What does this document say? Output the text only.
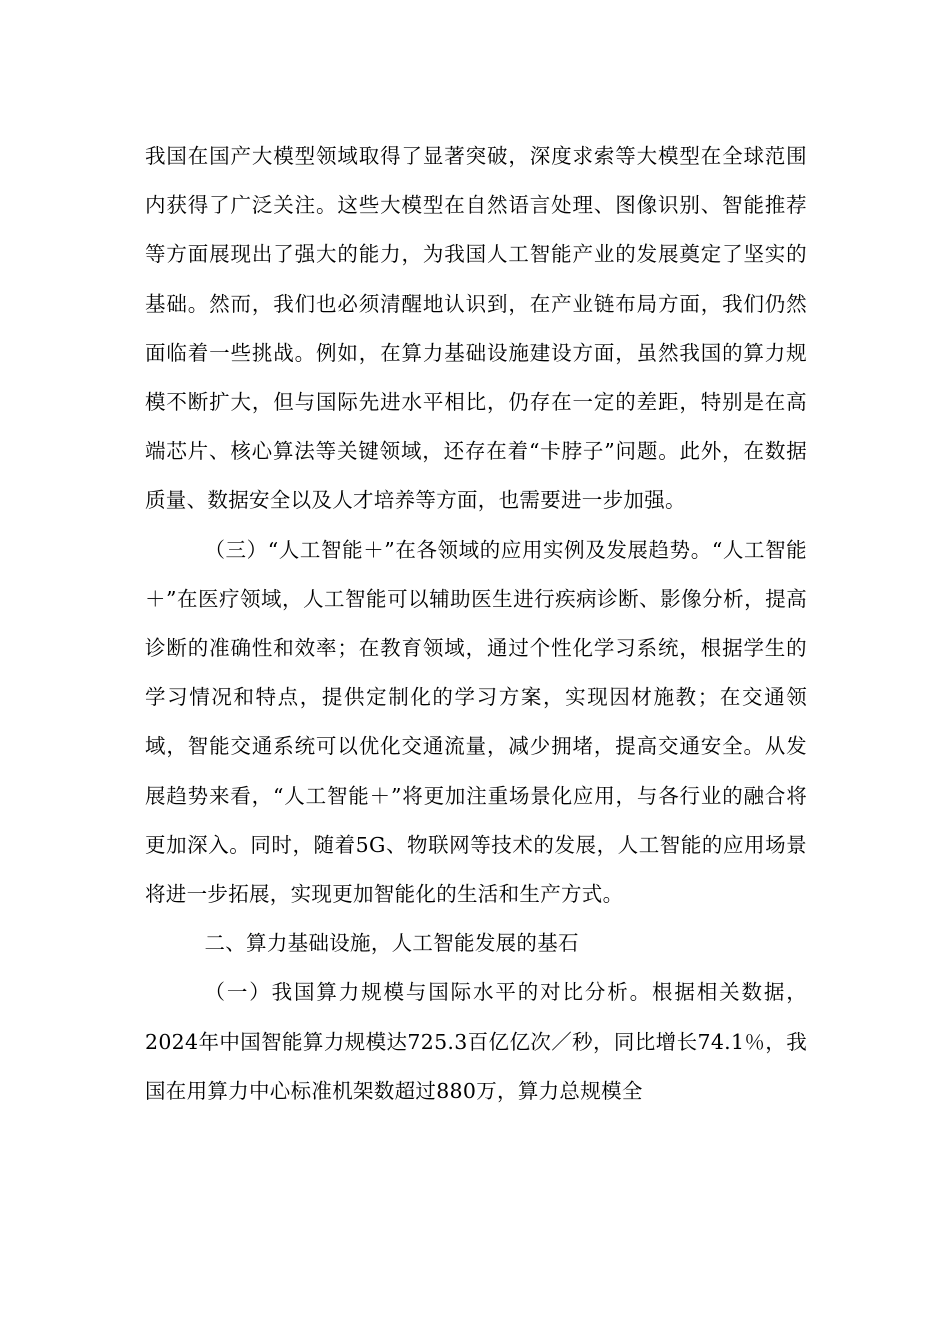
我国在国产大模型领域取得了显著突破，深度求索等大模型在全球范围内获得了广泛关注。这些大模型在自然语言处理、图像识别、智能推荐等方面展现出了强大的能力，为我国人工智能产业的发展奠定了坚实的基础。然而，我们也必须清醒地认识到，在产业链布局方面，我们仍然面临着一些挑战。例如，在算力基础设施建设方面，虽然我国的算力规模不断扩大，但与国际先进水平相比，仍存在一定的差距，特别是在高端芯片、核心算法等关键领域，还存在着“卡脖子”问题。此外，在数据质量、数据安全以及人才培养等方面，也需要进一步加强。

（三）“人工智能＋”在各领域的应用实例及发展趋势。“人工智能＋”在医疗领域，人工智能可以辅助医生进行疾病诊断、影像分析，提高诊断的准确性和效率；在教育领域，通过个性化学习系统，根据学生的学习情况和特点，提供定制化的学习方案，实现因材施教；在交通领域，智能交通系统可以优化交通流量，减少拥堵，提高交通安全。从发展趋势来看，“人工智能＋”将更加注重场景化应用，与各行业的融合将更加深入。同时，随着5G、物联网等技术的发展，人工智能的应用场景将进一步拓展，实现更加智能化的生活和生产方式。

二、算力基础设施，人工智能发展的基石

（一）我国算力规模与国际水平的对比分析。根据相关数据，2024年中国智能算力规模达725.3百亿亿次／秒，同比增长74.1％，我国在用算力中心标准机架数超过880万，算力总规模全
